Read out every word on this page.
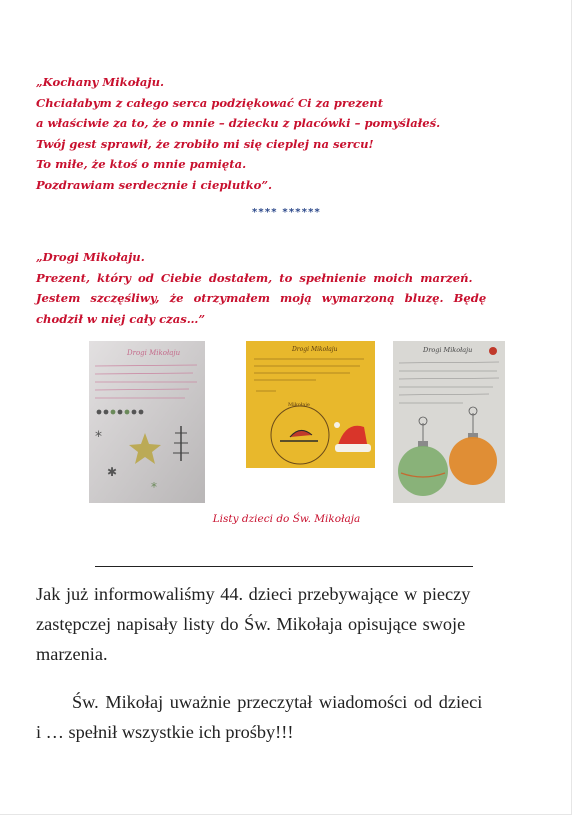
„Kochany Mikołaju.
Chciałabym z całego serca podziękować Ci za prezent
a właściwie za to, że o mnie – dziecku z placówki – pomyślałeś.
Twój gest sprawił, że zrobiło mi się cieplej na sercu!
To miłe, że ktoś o mnie pamięta.
Pozdrawiam serdecznie i cieplutko”.
**** ******
„Drogi Mikołaju.
Prezent, który od Ciebie dostałem, to spełnienie moich marzeń.
Jestem szczęśliwy, że otrzymałem moją wymarzoną bluzę. Będę
chodził w niej cały czas…”
Drogi Mikołaju
*
✱
*
Drogi Mikołaju
Mikołaje
Drogi Mikołaju
Listy dzieci do Św. Mikołaja
Jak już informowaliśmy 44. dzieci przebywające w pieczy
zastępczej napisały listy do Św. Mikołaja opisujące swoje
marzenia.
Św. Mikołaj uważnie przeczytał wiadomości od dzieci
i … spełnił wszystkie ich prośby!!!
